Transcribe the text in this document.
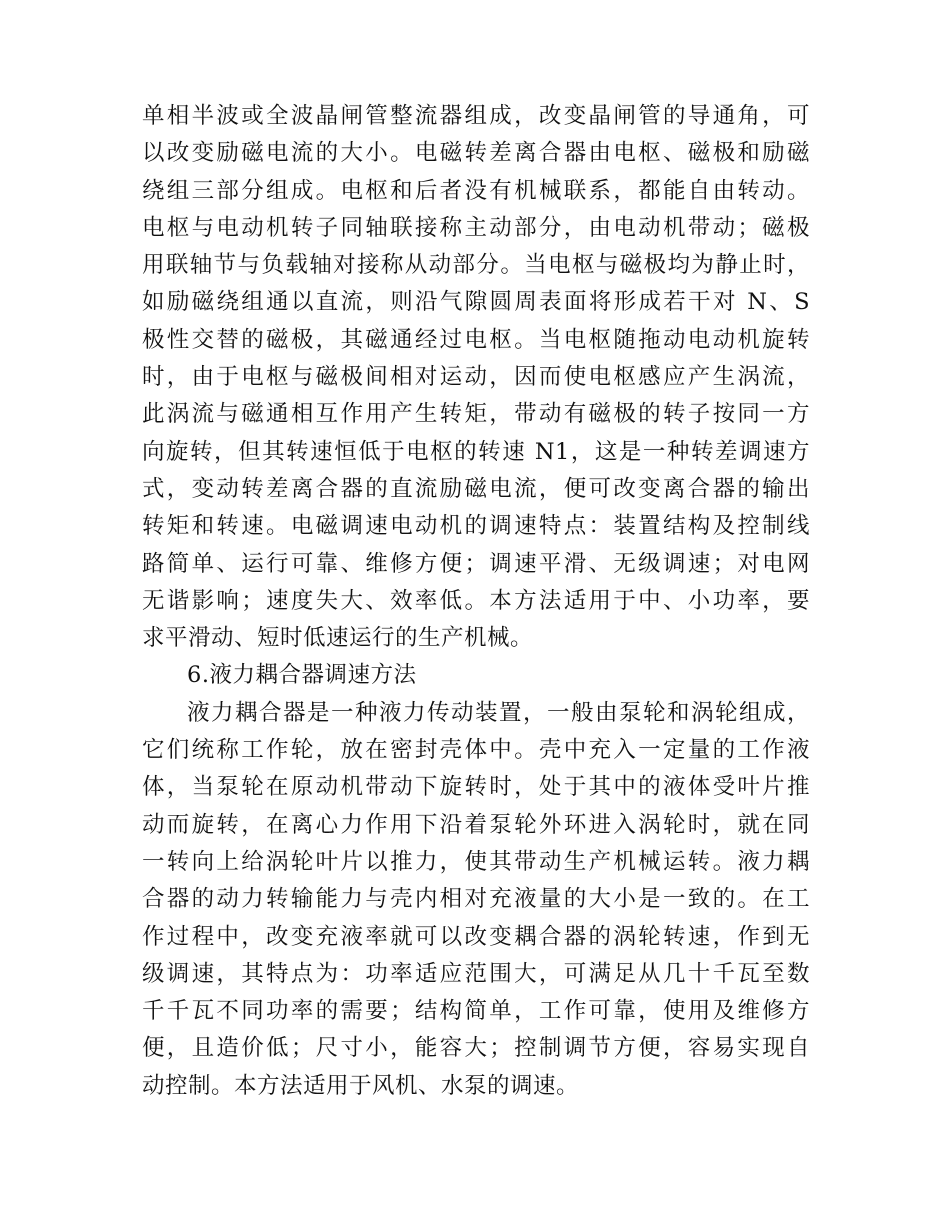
单相半波或全波晶闸管整流器组成，改变晶闸管的导通角，可
以改变励磁电流的大小。电磁转差离合器由电枢、磁极和励磁
绕组三部分组成。电枢和后者没有机械联系，都能自由转动。
电枢与电动机转子同轴联接称主动部分，由电动机带动；磁极
用联轴节与负载轴对接称从动部分。当电枢与磁极均为静止时，
如励磁绕组通以直流，则沿气隙圆周表面将形成若干对 N、S
极性交替的磁极，其磁通经过电枢。当电枢随拖动电动机旋转
时，由于电枢与磁极间相对运动，因而使电枢感应产生涡流，
此涡流与磁通相互作用产生转矩，带动有磁极的转子按同一方
向旋转，但其转速恒低于电枢的转速 N1，这是一种转差调速方
式，变动转差离合器的直流励磁电流，便可改变离合器的输出
转矩和转速。电磁调速电动机的调速特点：装置结构及控制线
路简单、运行可靠、维修方便；调速平滑、无级调速；对电网
无谐影响；速度失大、效率低。本方法适用于中、小功率，要
求平滑动、短时低速运行的生产机械。
6.液力耦合器调速方法
液力耦合器是一种液力传动装置，一般由泵轮和涡轮组成，
它们统称工作轮，放在密封壳体中。壳中充入一定量的工作液
体，当泵轮在原动机带动下旋转时，处于其中的液体受叶片推
动而旋转，在离心力作用下沿着泵轮外环进入涡轮时，就在同
一转向上给涡轮叶片以推力，使其带动生产机械运转。液力耦
合器的动力转输能力与壳内相对充液量的大小是一致的。在工
作过程中，改变充液率就可以改变耦合器的涡轮转速，作到无
级调速，其特点为：功率适应范围大，可满足从几十千瓦至数
千千瓦不同功率的需要；结构简单，工作可靠，使用及维修方
便，且造价低；尺寸小，能容大；控制调节方便，容易实现自
动控制。本方法适用于风机、水泵的调速。
